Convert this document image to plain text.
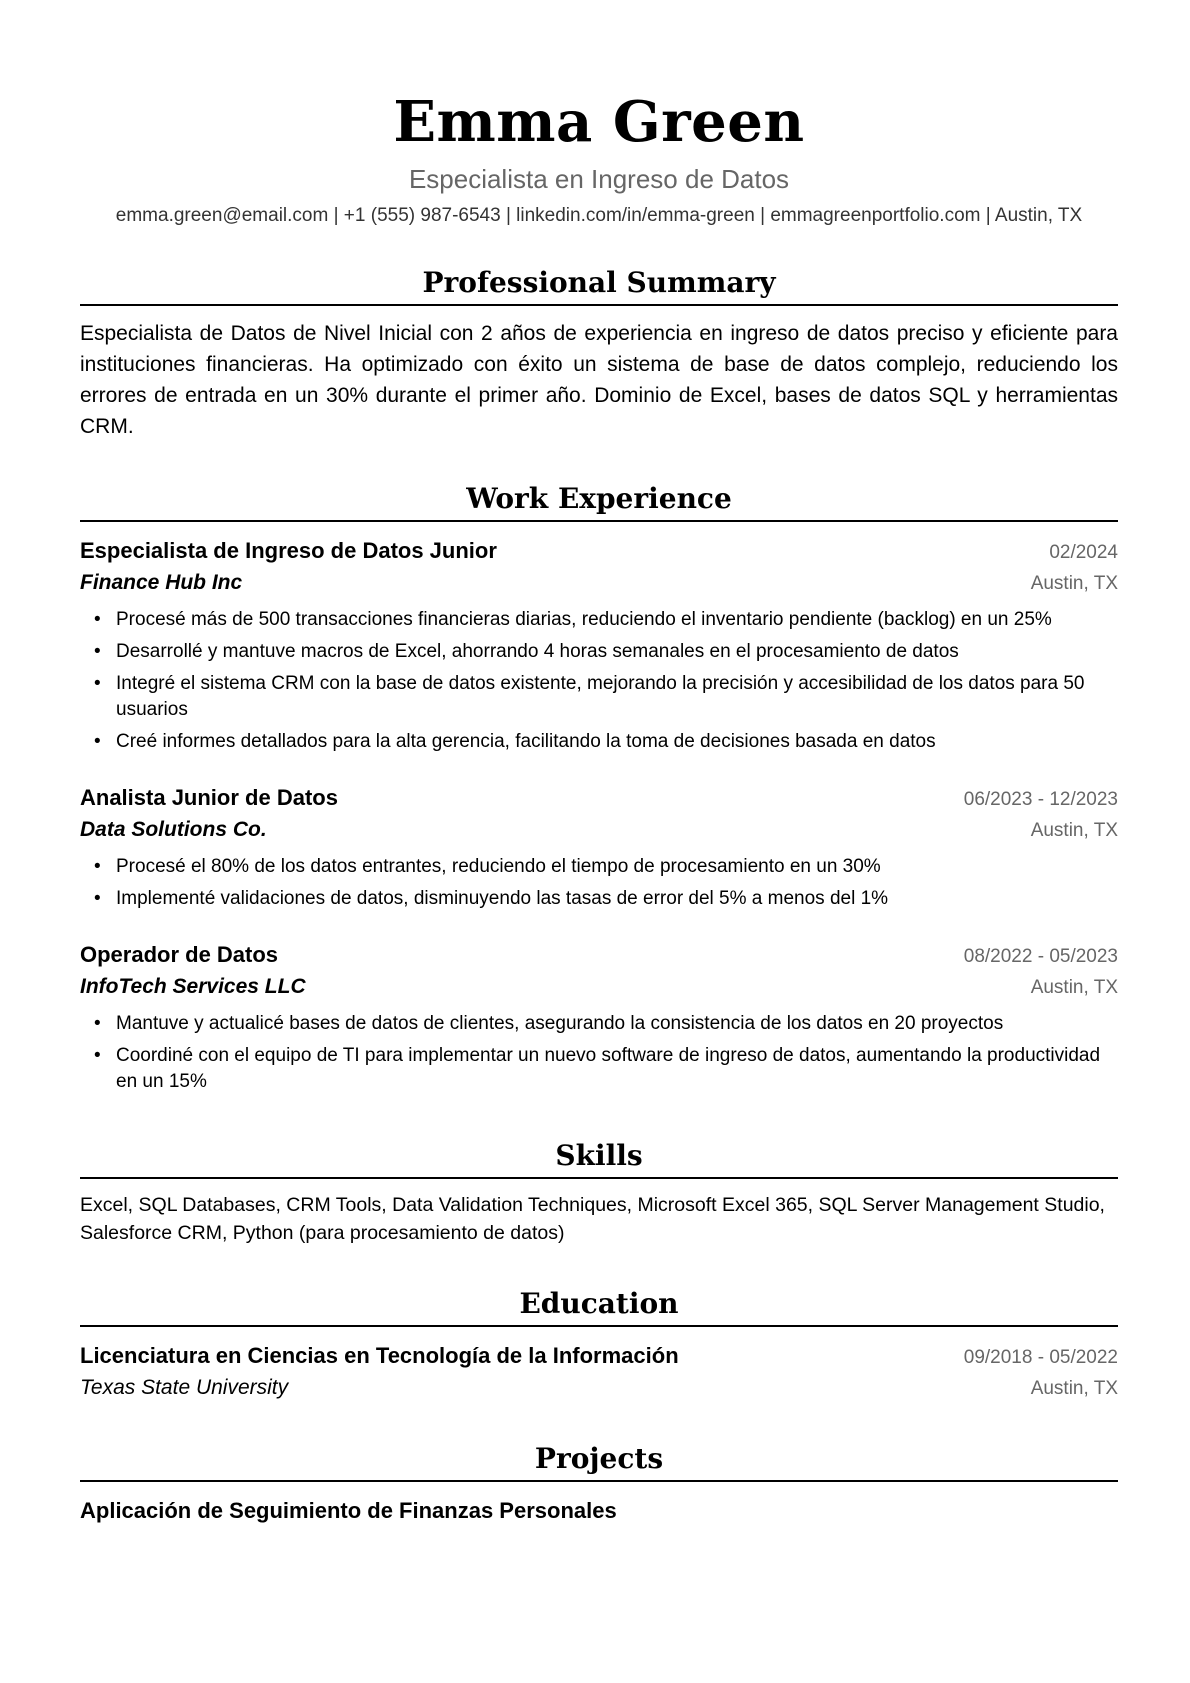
Emma Green
Especialista en Ingreso de Datos
emma.green@email.com | +1 (555) 987-6543 | linkedin.com/in/emma-green | emmagreenportfolio.com | Austin, TX
Professional Summary
Especialista de Datos de Nivel Inicial con 2 años de experiencia en ingreso de datos preciso y eficiente para instituciones financieras. Ha optimizado con éxito un sistema de base de datos complejo, reduciendo los errores de entrada en un 30% durante el primer año. Dominio de Excel, bases de datos SQL y herramientas CRM.
Work Experience
Especialista de Ingreso de Datos Junior	02/2024
Finance Hub Inc	Austin, TX
• Procesé más de 500 transacciones financieras diarias, reduciendo el inventario pendiente (backlog) en un 25%
• Desarrollé y mantuve macros de Excel, ahorrando 4 horas semanales en el procesamiento de datos
• Integré el sistema CRM con la base de datos existente, mejorando la precisión y accesibilidad de los datos para 50 usuarios
• Creé informes detallados para la alta gerencia, facilitando la toma de decisiones basada en datos
Analista Junior de Datos	06/2023 - 12/2023
Data Solutions Co.	Austin, TX
• Procesé el 80% de los datos entrantes, reduciendo el tiempo de procesamiento en un 30%
• Implementé validaciones de datos, disminuyendo las tasas de error del 5% a menos del 1%
Operador de Datos	08/2022 - 05/2023
InfoTech Services LLC	Austin, TX
• Mantuve y actualicé bases de datos de clientes, asegurando la consistencia de los datos en 20 proyectos
• Coordiné con el equipo de TI para implementar un nuevo software de ingreso de datos, aumentando la productividad en un 15%
Skills
Excel, SQL Databases, CRM Tools, Data Validation Techniques, Microsoft Excel 365, SQL Server Management Studio, Salesforce CRM, Python (para procesamiento de datos)
Education
Licenciatura en Ciencias en Tecnología de la Información	09/2018 - 05/2022
Texas State University	Austin, TX
Projects
Aplicación de Seguimiento de Finanzas Personales
